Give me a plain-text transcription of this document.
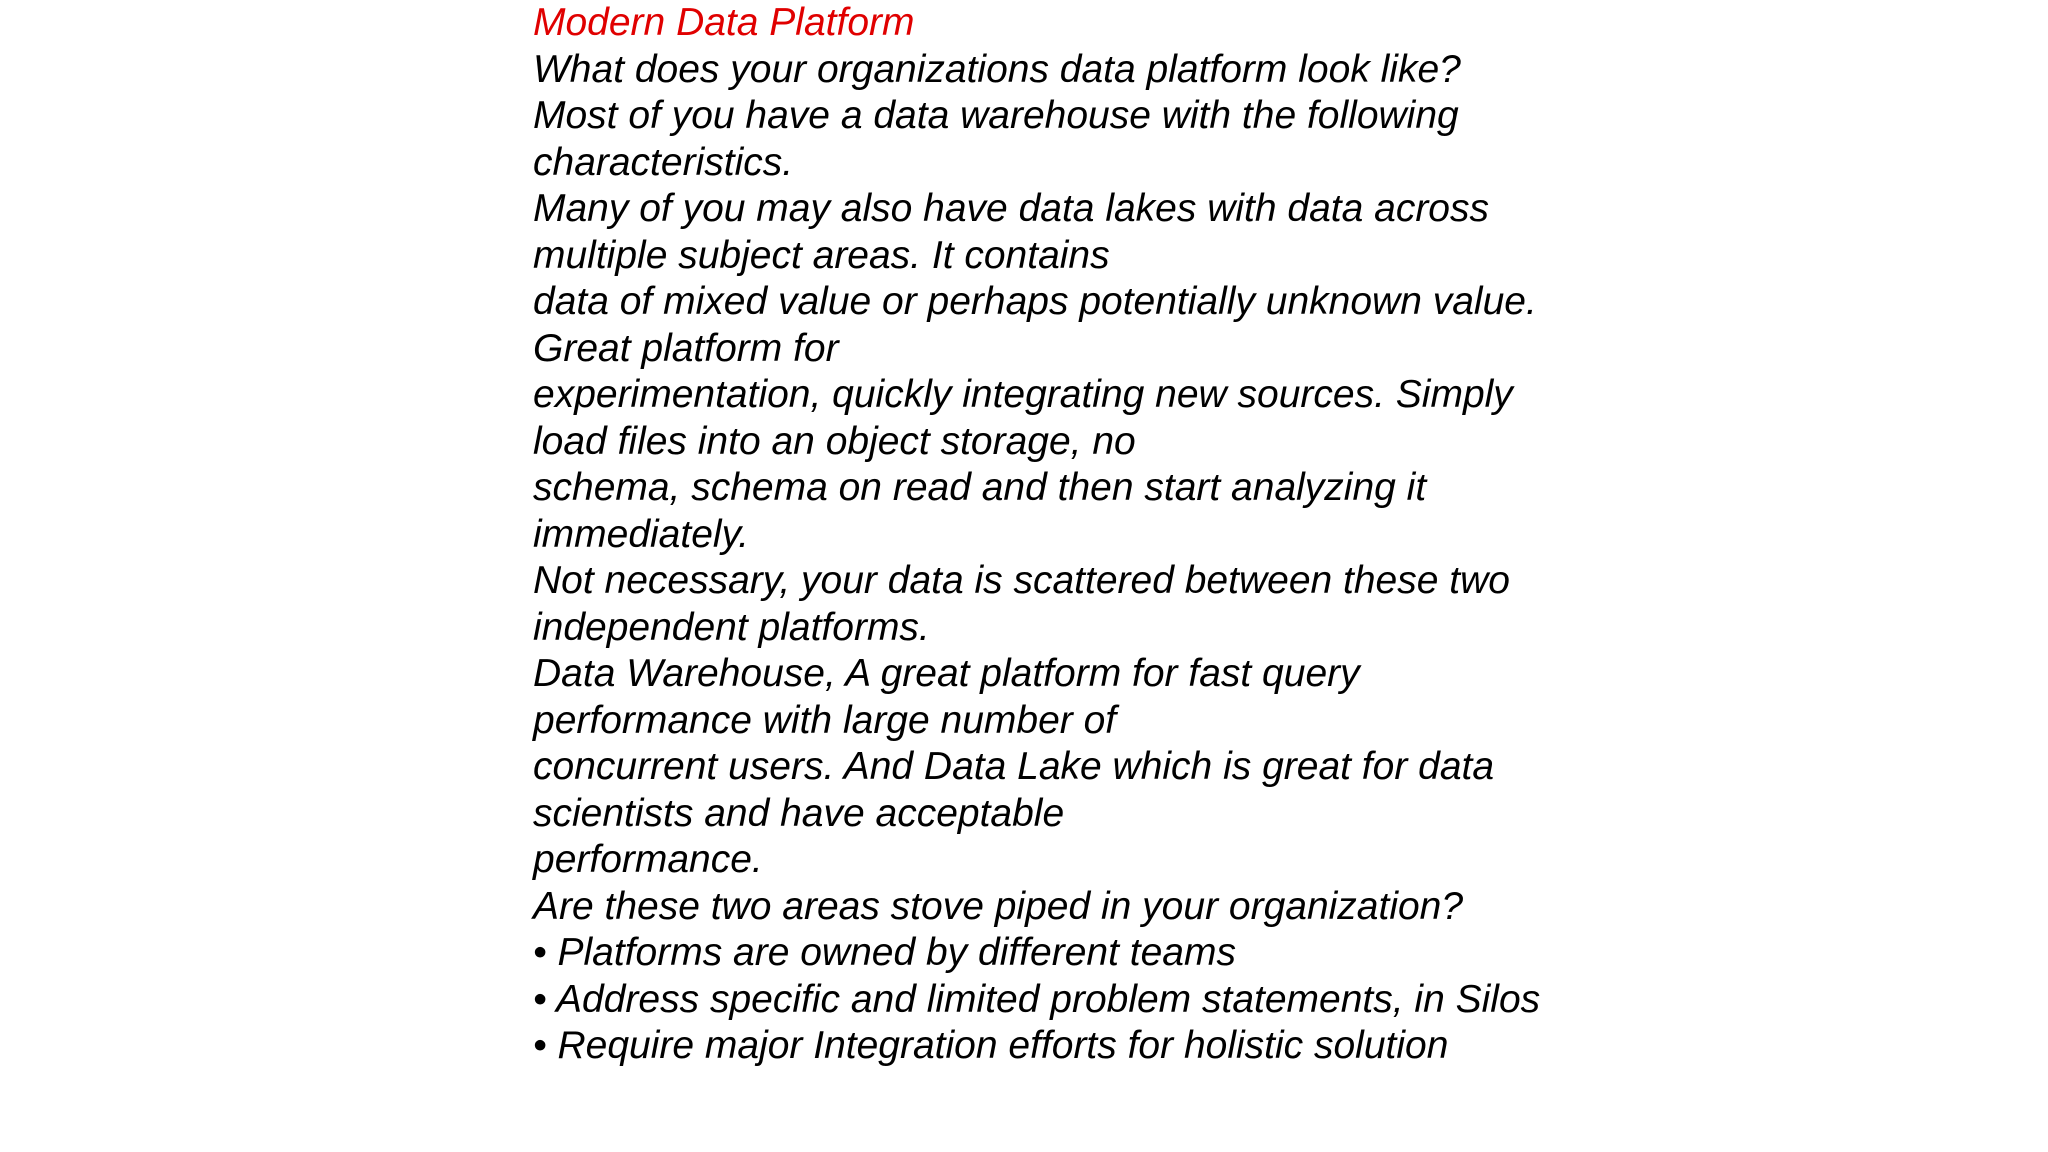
Modern Data Platform
What does your organizations data platform look like?
Most of you have a data warehouse with the following
characteristics.
Many of you may also have data lakes with data across
multiple subject areas. It contains
data of mixed value or perhaps potentially unknown value.
Great platform for
experimentation, quickly integrating new sources. Simply
load files into an object storage, no
schema, schema on read and then start analyzing it
immediately.
Not necessary, your data is scattered between these two
independent platforms.
Data Warehouse, A great platform for fast query
performance with large number of
concurrent users. And Data Lake which is great for data
scientists and have acceptable
performance.
Are these two areas stove piped in your organization?
• Platforms are owned by different teams
• Address specific and limited problem statements, in Silos
• Require major Integration efforts for holistic solution
